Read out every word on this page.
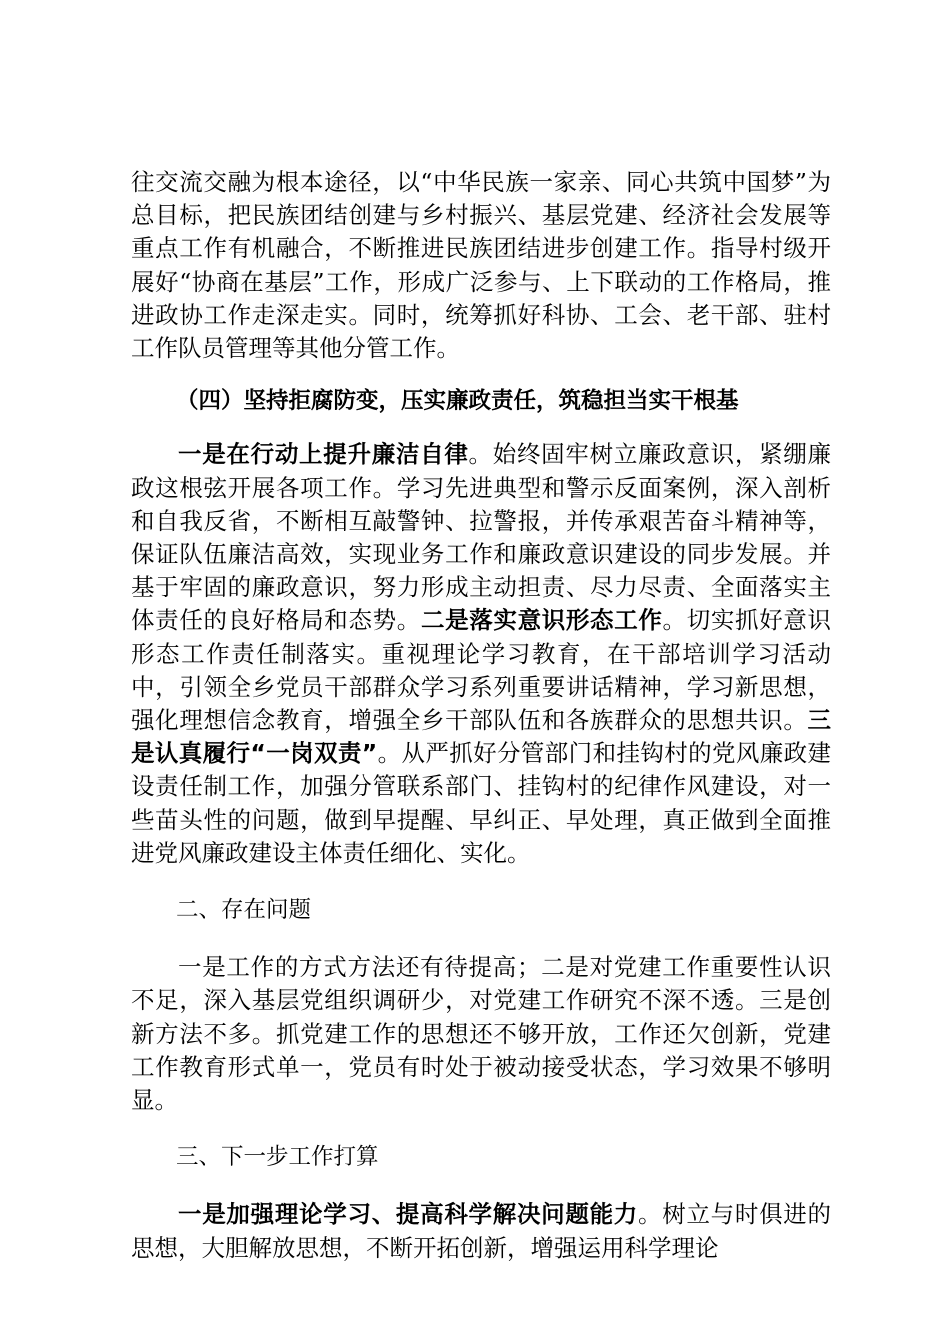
往交流交融为根本途径，以“中华民族一家亲、同心共筑中国梦”为总目标，把民族团结创建与乡村振兴、基层党建、经济社会发展等重点工作有机融合，不断推进民族团结进步创建工作。指导村级开展好“协商在基层”工作，形成广泛参与、上下联动的工作格局，推进政协工作走深走实。同时，统筹抓好科协、工会、老干部、驻村工作队员管理等其他分管工作。

（四）坚持拒腐防变，压实廉政责任，筑稳担当实干根基

一是在行动上提升廉洁自律。始终固牢树立廉政意识，紧绷廉政这根弦开展各项工作。学习先进典型和警示反面案例，深入剖析和自我反省，不断相互敲警钟、拉警报，并传承艰苦奋斗精神等，保证队伍廉洁高效，实现业务工作和廉政意识建设的同步发展。并基于牢固的廉政意识，努力形成主动担责、尽力尽责、全面落实主体责任的良好格局和态势。二是落实意识形态工作。切实抓好意识形态工作责任制落实。重视理论学习教育，在干部培训学习活动中，引领全乡党员干部群众学习系列重要讲话精神，学习新思想，强化理想信念教育，增强全乡干部队伍和各族群众的思想共识。三是认真履行“一岗双责”。从严抓好分管部门和挂钩村的党风廉政建设责任制工作，加强分管联系部门、挂钩村的纪律作风建设，对一些苗头性的问题，做到早提醒、早纠正、早处理，真正做到全面推进党风廉政建设主体责任细化、实化。

二、存在问题

一是工作的方式方法还有待提高；二是对党建工作重要性认识不足，深入基层党组织调研少，对党建工作研究不深不透。三是创新方法不多。抓党建工作的思想还不够开放，工作还欠创新，党建工作教育形式单一，党员有时处于被动接受状态，学习效果不够明显。

三、下一步工作打算

一是加强理论学习、提高科学解决问题能力。树立与时俱进的思想，大胆解放思想，不断开拓创新，增强运用科学理论
